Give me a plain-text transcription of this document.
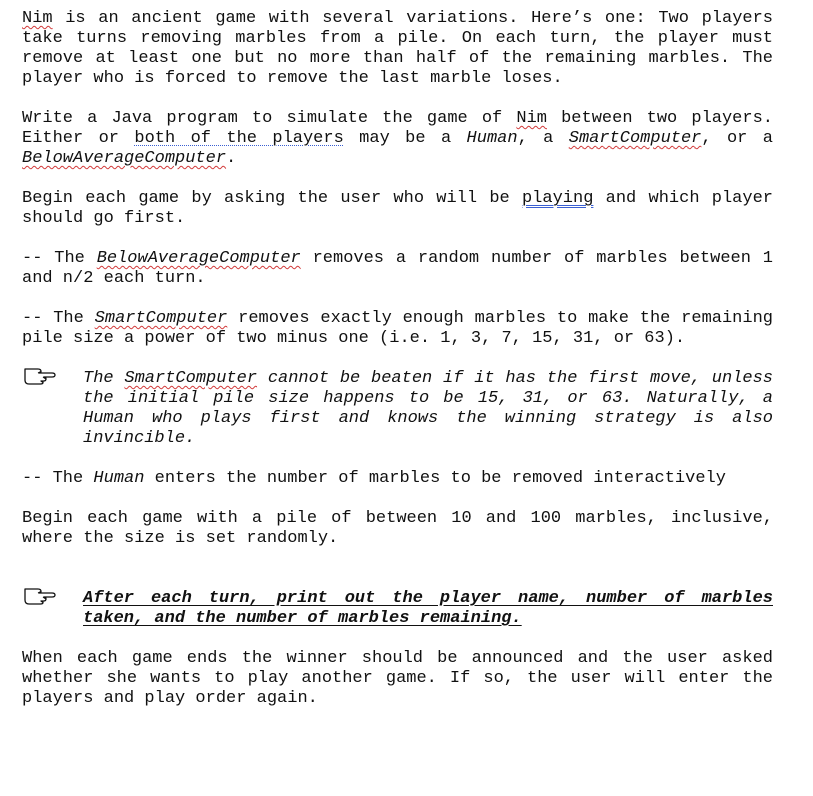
Nim is an ancient game with several variations. Here’s one: Two players take turns removing marbles from a pile. On each turn, the player must remove at least one but no more than half of the remaining marbles. The player who is forced to remove the last marble loses.

Write a Java program to simulate the game of Nim between two players. Either or both of the players may be a Human, a SmartComputer, or a BelowAverageComputer.

Begin each game by asking the user who will be playing and which player should go first.

-- The BelowAverageComputer removes a random number of marbles between 1 and n/2 each turn.

-- The SmartComputer removes exactly enough marbles to make the remaining pile size a power of two minus one (i.e. 1, 3, 7, 15, 31, or 63).

The SmartComputer cannot be beaten if it has the first move, unless the initial pile size happens to be 15, 31, or 63. Naturally, a Human who plays first and knows the winning strategy is also invincible.

-- The Human enters the number of marbles to be removed interactively

Begin each game with a pile of between 10 and 100 marbles, inclusive, where the size is set randomly.

After each turn, print out the player name, number of marbles taken, and the number of marbles remaining.

When each game ends the winner should be announced and the user asked whether she wants to play another game. If so, the user will enter the players and play order again.
